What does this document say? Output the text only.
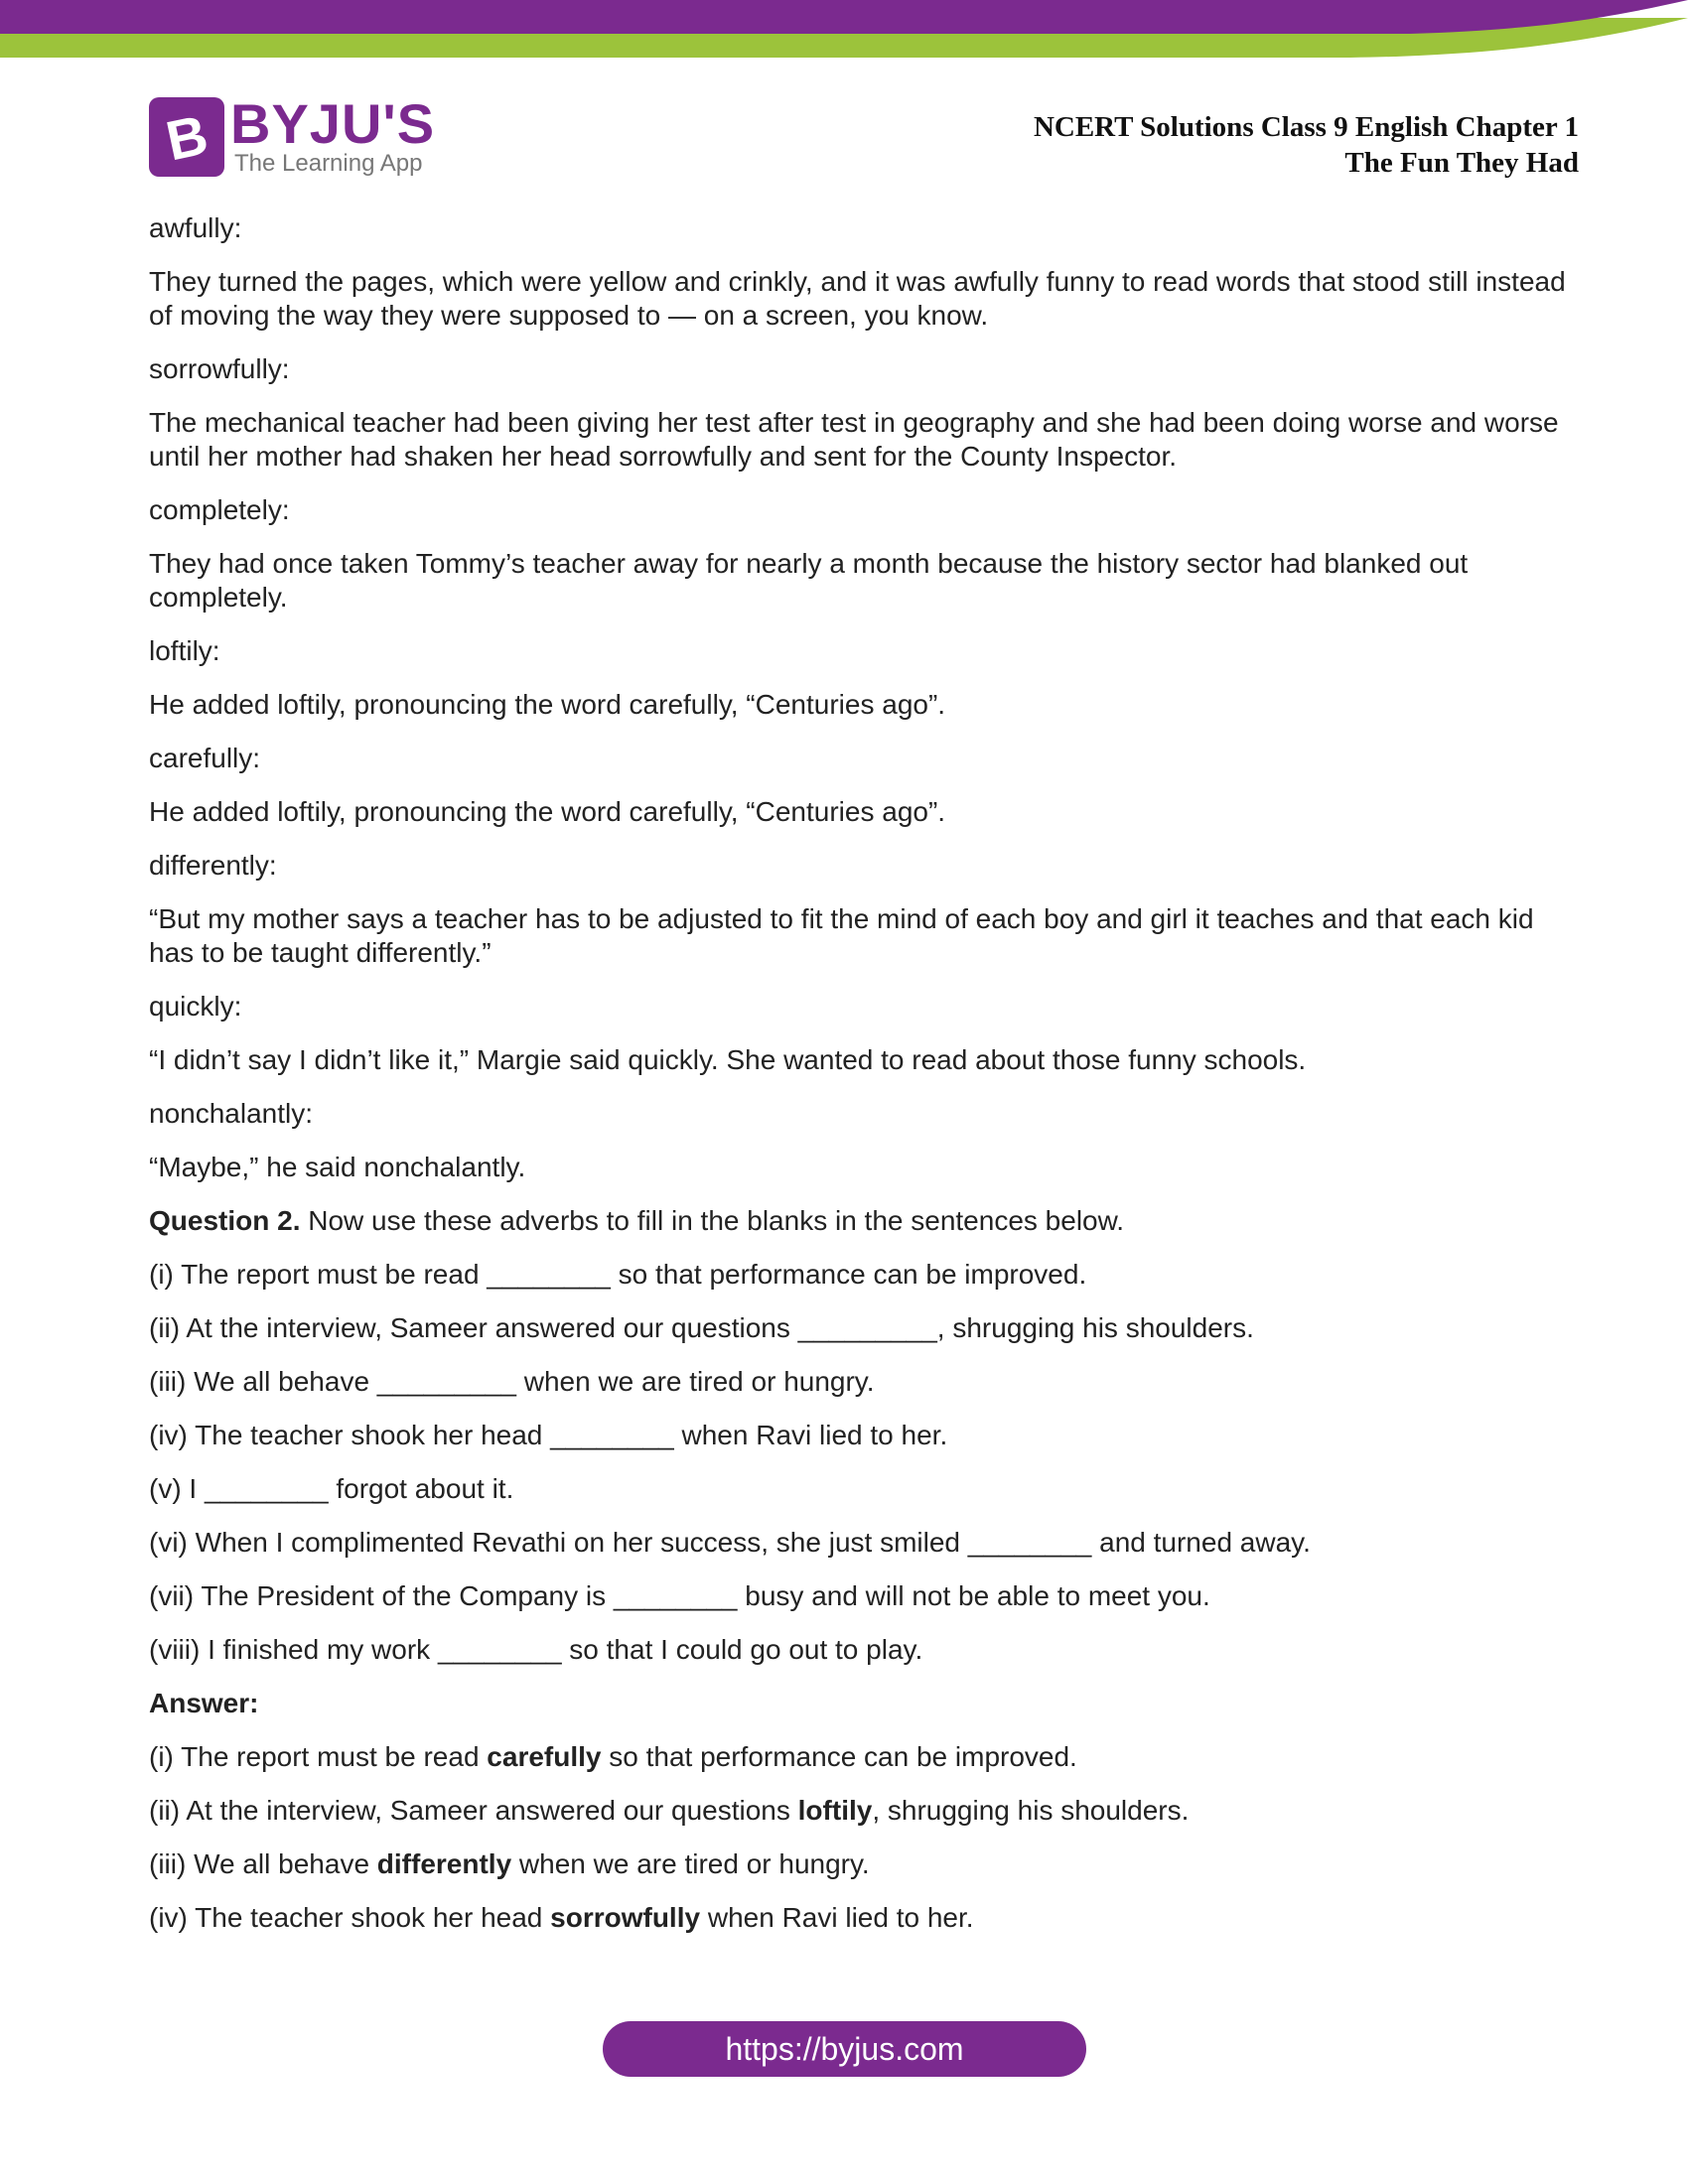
B BYJU'S
The Learning App
NCERT Solutions Class 9 English Chapter 1
The Fun They Had

awfully:

They turned the pages, which were yellow and crinkly, and it was awfully funny to read words that stood still instead of moving the way they were supposed to — on a screen, you know.

sorrowfully:

The mechanical teacher had been giving her test after test in geography and she had been doing worse and worse until her mother had shaken her head sorrowfully and sent for the County Inspector.

completely:

They had once taken Tommy’s teacher away for nearly a month because the history sector had blanked out completely.

loftily:

He added loftily, pronouncing the word carefully, “Centuries ago”.

carefully:

He added loftily, pronouncing the word carefully, “Centuries ago”.

differently:

“But my mother says a teacher has to be adjusted to fit the mind of each boy and girl it teaches and that each kid has to be taught differently.”

quickly:

“I didn’t say I didn’t like it,” Margie said quickly. She wanted to read about those funny schools.

nonchalantly:

“Maybe,” he said nonchalantly.

Question 2. Now use these adverbs to fill in the blanks in the sentences below.

(i) The report must be read ________ so that performance can be improved.

(ii) At the interview, Sameer answered our questions _________, shrugging his shoulders.

(iii) We all behave _________ when we are tired or hungry.

(iv) The teacher shook her head ________ when Ravi lied to her.

(v) I ________ forgot about it.

(vi) When I complimented Revathi on her success, she just smiled ________ and turned away.

(vii) The President of the Company is ________ busy and will not be able to meet you.

(viii) I finished my work ________ so that I could go out to play.

Answer:

(i) The report must be read carefully so that performance can be improved.

(ii) At the interview, Sameer answered our questions loftily, shrugging his shoulders.

(iii) We all behave differently when we are tired or hungry.

(iv) The teacher shook her head sorrowfully when Ravi lied to her.

https://byjus.com
